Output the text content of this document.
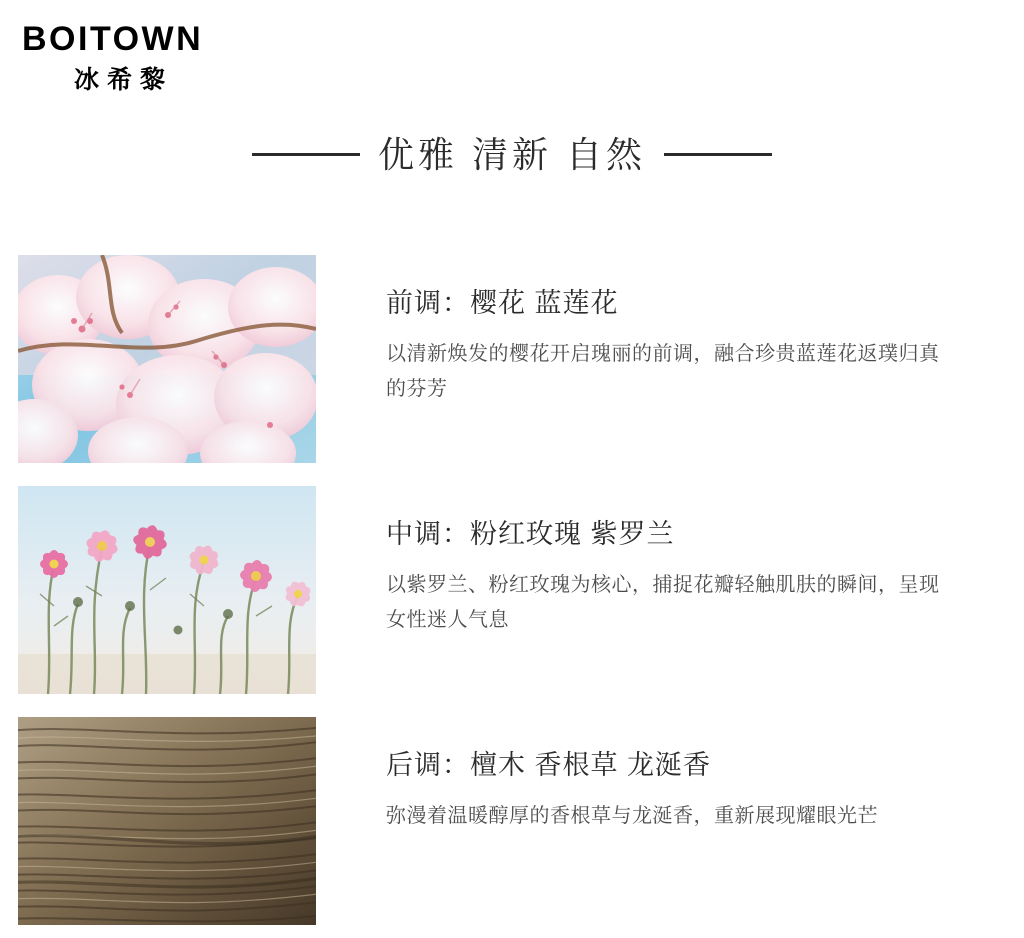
BOITOWN
冰希黎
优雅 清新 自然
前调：樱花 蓝莲花
以清新焕发的樱花开启瑰丽的前调，融合珍贵蓝莲花返璞归真的芬芳
中调：粉红玫瑰 紫罗兰
以紫罗兰、粉红玫瑰为核心，捕捉花瓣轻触肌肤的瞬间，呈现女性迷人气息
后调：檀木 香根草 龙涎香
弥漫着温暖醇厚的香根草与龙涎香，重新展现耀眼光芒
